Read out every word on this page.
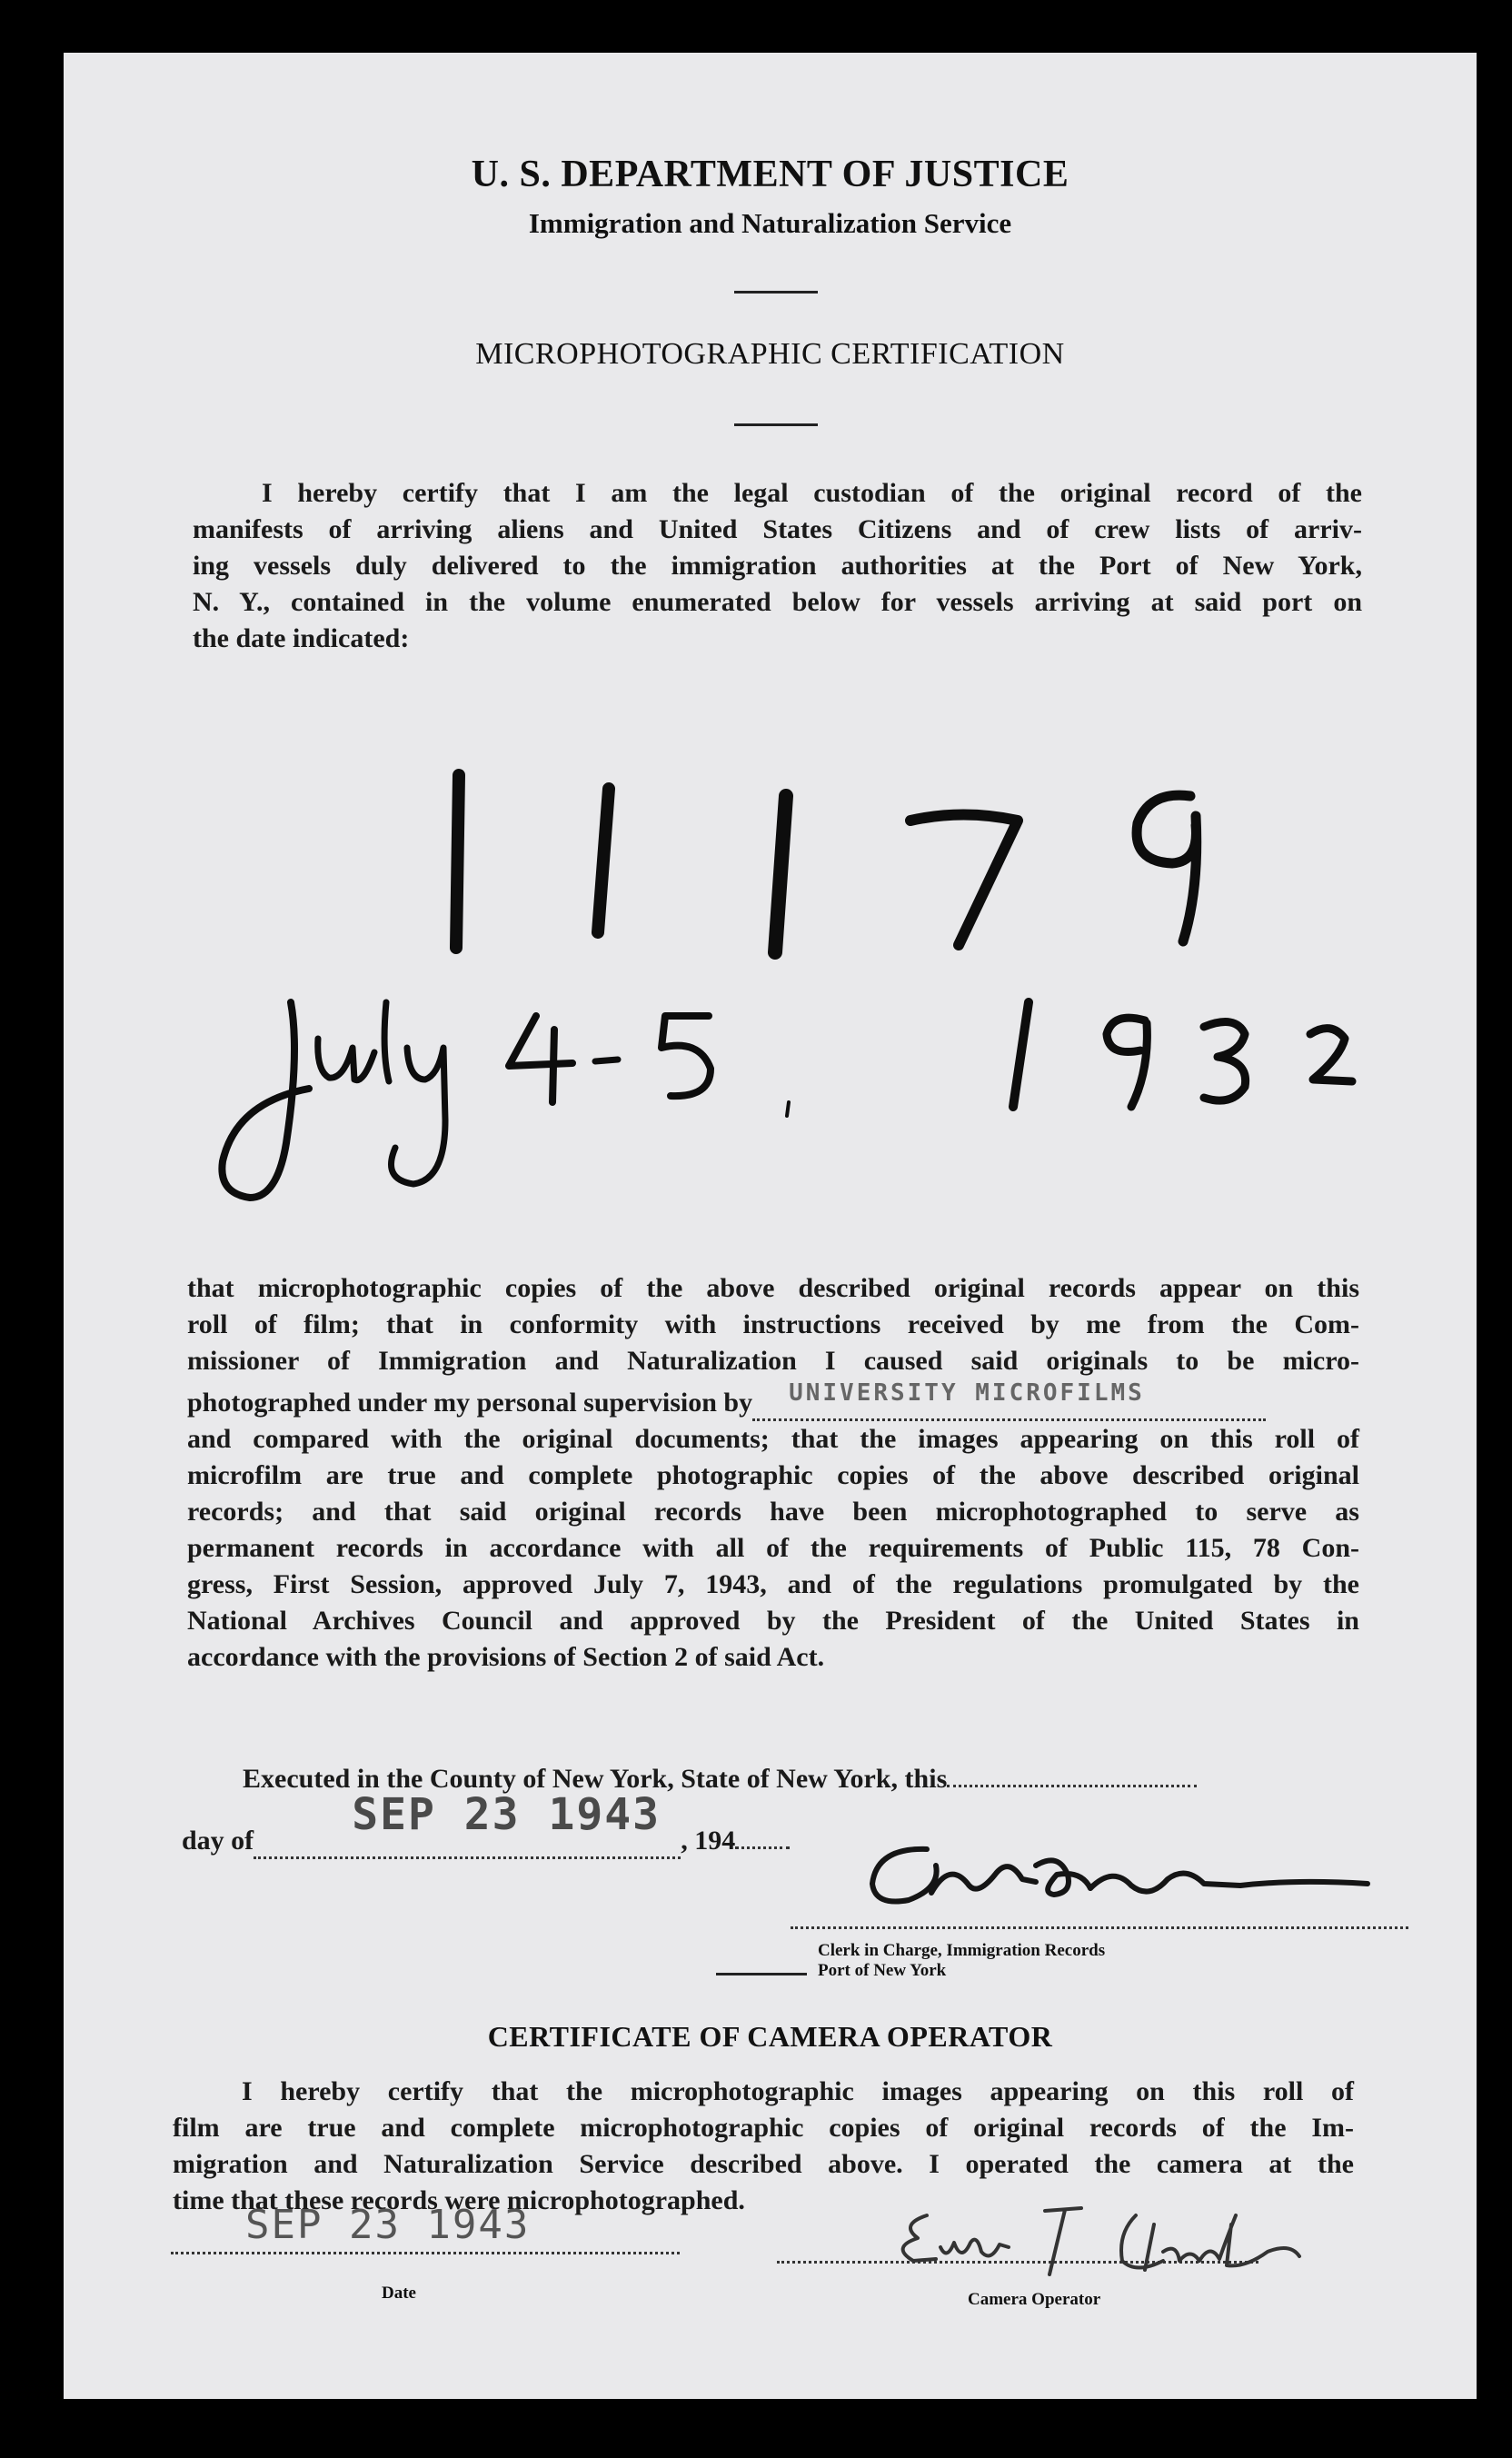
U. S. DEPARTMENT OF JUSTICE
Immigration and Naturalization Service
MICROPHOTOGRAPHIC CERTIFICATION
I hereby certify that I am the legal custodian of the original record of the
manifests of arriving aliens and United States Citizens and of crew lists of arriv-
ing vessels duly delivered to the immigration authorities at the Port of New York,
N. Y., contained in the volume enumerated below for vessels arriving at said port on
the date indicated:
that microphotographic copies of the above described original records appear on this
roll of film; that in conformity with instructions received by me from the Com-
missioner of Immigration and Naturalization I caused said originals to be micro-
photographed under my personal supervision by UNIVERSITY MICROFILMS
and compared with the original documents; that the images appearing on this roll of
microfilm are true and complete photographic copies of the above described original
records; and that said original records have been microphotographed to serve as
permanent records in accordance with all of the requirements of Public 115, 78 Con-
gress, First Session, approved July 7, 1943, and of the regulations promulgated by the
National Archives Council and approved by the President of the United States in
accordance with the provisions of Section 2 of said Act.
Executed in the County of New York, State of New York, this
day of
SEP 23 1943
, 194
Clerk in Charge, Immigration Records
Port of New York
CERTIFICATE OF CAMERA OPERATOR
I hereby certify that the microphotographic images appearing on this roll of
film are true and complete microphotographic copies of original records of the Im-
migration and Naturalization Service described above. I operated the camera at the
time that these records were microphotographed.
SEP 23 1943
Date	Camera Operator
